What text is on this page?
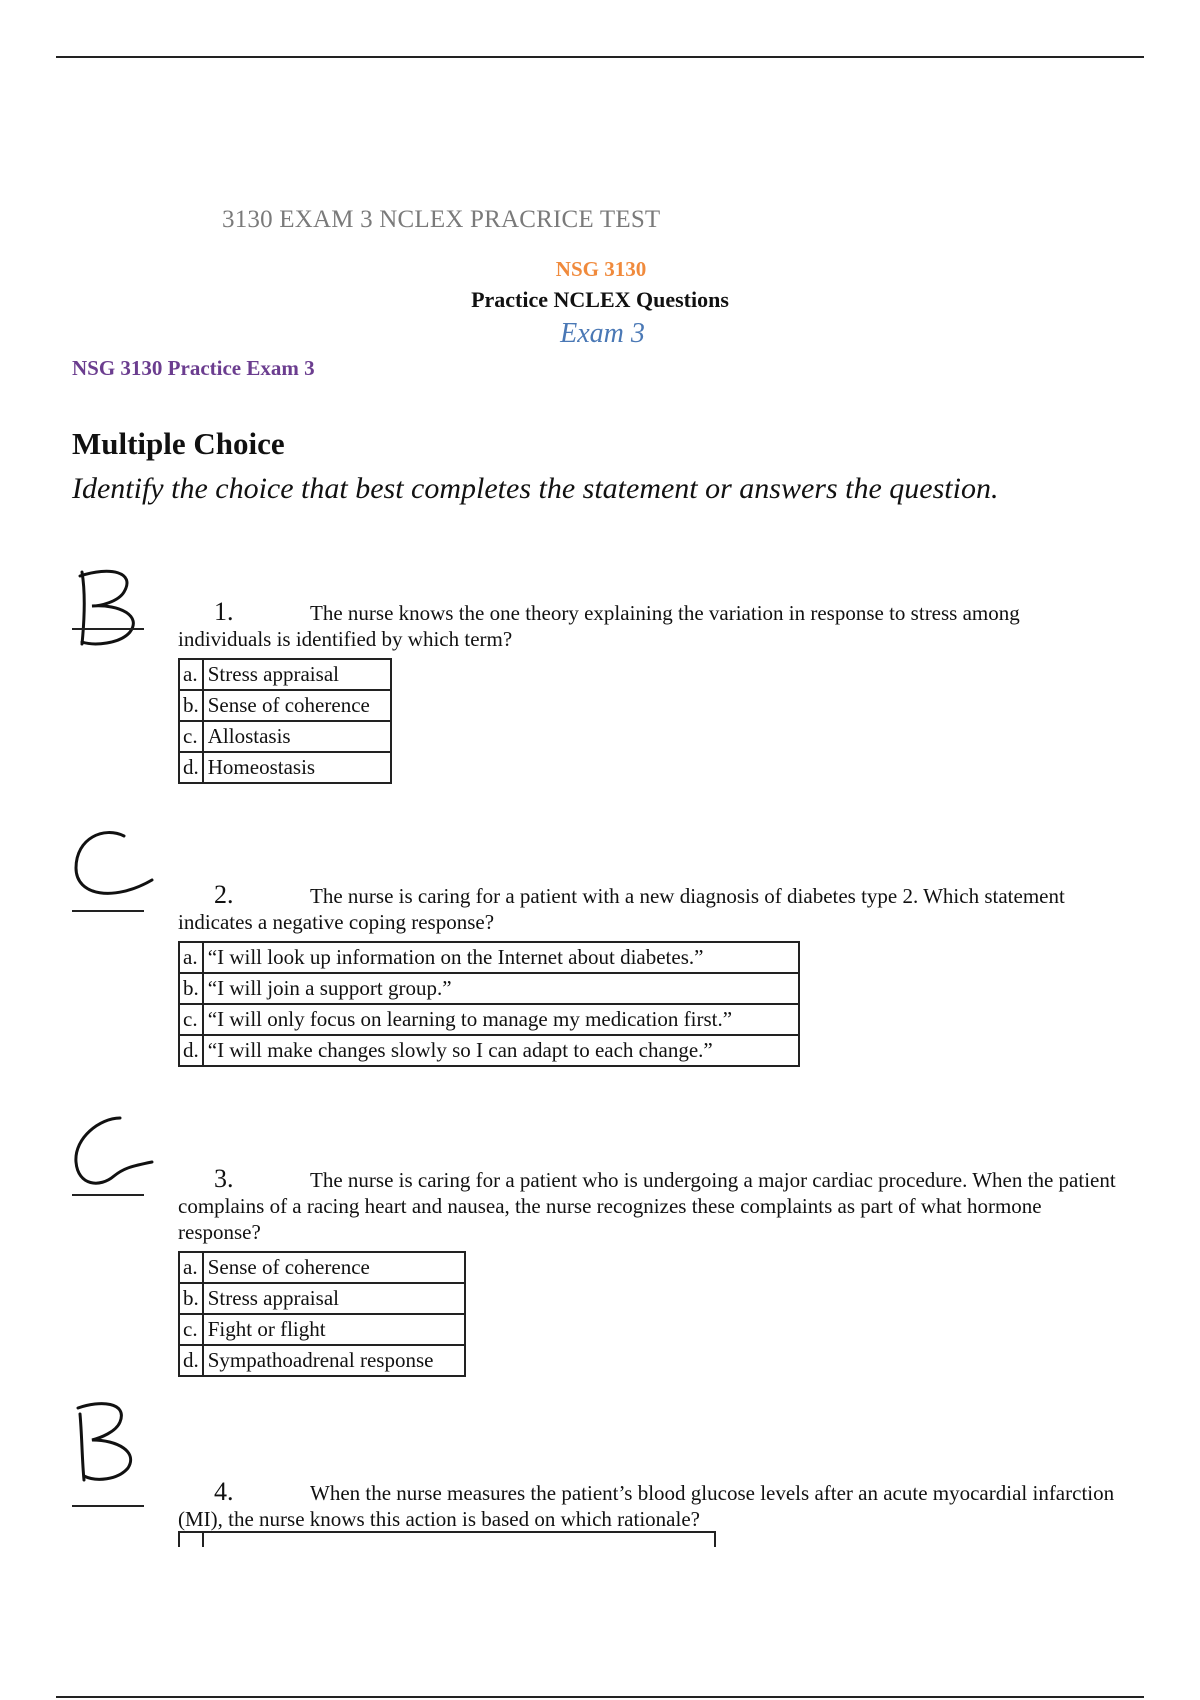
3130 EXAM 3 NCLEX PRACRICE TEST
NSG 3130
Practice NCLEX Questions
Exam 3
NSG 3130 Practice Exam 3
Multiple Choice
Identify the choice that best completes the statement or answers the question.
1.	The nurse knows the one theory explaining the variation in response to stress among individuals is identified by which term?
a.	Stress appraisal
b.	Sense of coherence
c.	Allostasis
d.	Homeostasis
2.	The nurse is caring for a patient with a new diagnosis of diabetes type 2. Which statement indicates a negative coping response?
a.	“I will look up information on the Internet about diabetes.”
b.	“I will join a support group.”
c.	“I will only focus on learning to manage my medication first.”
d.	“I will make changes slowly so I can adapt to each change.”
3.	The nurse is caring for a patient who is undergoing a major cardiac procedure. When the patient complains of a racing heart and nausea, the nurse recognizes these complaints as part of what hormone response?
a.	Sense of coherence
b.	Stress appraisal
c.	Fight or flight
d.	Sympathoadrenal response
4.	When the nurse measures the patient’s blood glucose levels after an acute myocardial infarction (MI), the nurse knows this action is based on which rationale?
